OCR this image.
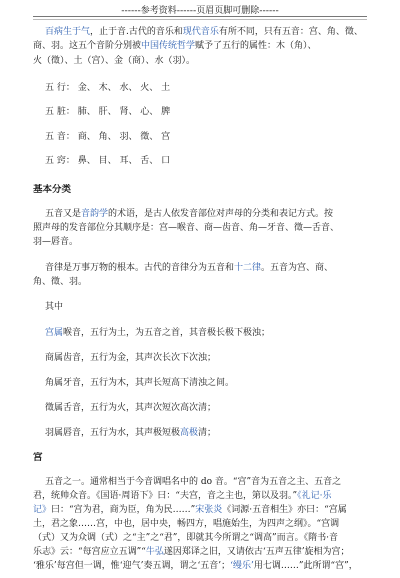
------参考资料------页眉页脚可删除------
百病生于气，止于音.古代的音乐和现代音乐有所不同，只有五音：宫、角、徵、
商、羽。这五个音阶分别被中国传统哲学赋予了五行的属性：木（角）、
火（徵）、土（宫）、金（商）、水（羽）。
五 行： 金、 木、 水、 火、 土
五 脏： 肺、 肝、 肾、 心、 脾
五 音： 商、 角、 羽、 徵、 宫
五 窍： 鼻、 目、 耳、 舌、 口
基本分类
五音又是音韵学的术语，是古人依发音部位对声母的分类和表记方式。按
照声母的发音部位分其顺序是：宫—喉音、商—齿音、角—牙音、徵—舌音、
羽—唇音。
音律是万事万物的根本。古代的音律分为五音和十二律。五音为宫、商、
角、徵、羽。
其中
宫属喉音，五行为土，为五音之首，其音极长极下极浊；
商属齿音，五行为金，其声次长次下次浊；
角属牙音，五行为木，其声长短高下清浊之间。
徵属舌音，五行为火，其声次短次高次清；
羽属唇音，五行为水，其声极短极高极清；
宫
五音之一。通常相当于今音调唱名中的 do 音。“宫”音为五音之主、五音之
君，统帅众音。《国语·周语下》曰：“夫宫，音之主也，第以及羽。”《礼记·乐
记》曰：“宫为君，商为臣，角为民……”宋张炎《词源·五音相生》亦曰：“宫属
土，君之象……宫，中也，居中央，畅四方，唱施始生，为四声之纲》。“宫调
（式）又为众调（式）之“主”之“君”，即就其今所谓之“调高”而言。《隋书·音
乐志》云：“每宫应立五调”“牛弘遂因郑译之旧，又请依古‘五声五律’旋相为宫；
‘雅乐’每宫但一调，惟‘迎气’奏五调，谓之‘五音’；‘缦乐’用七调……”此所谓“宫”，
